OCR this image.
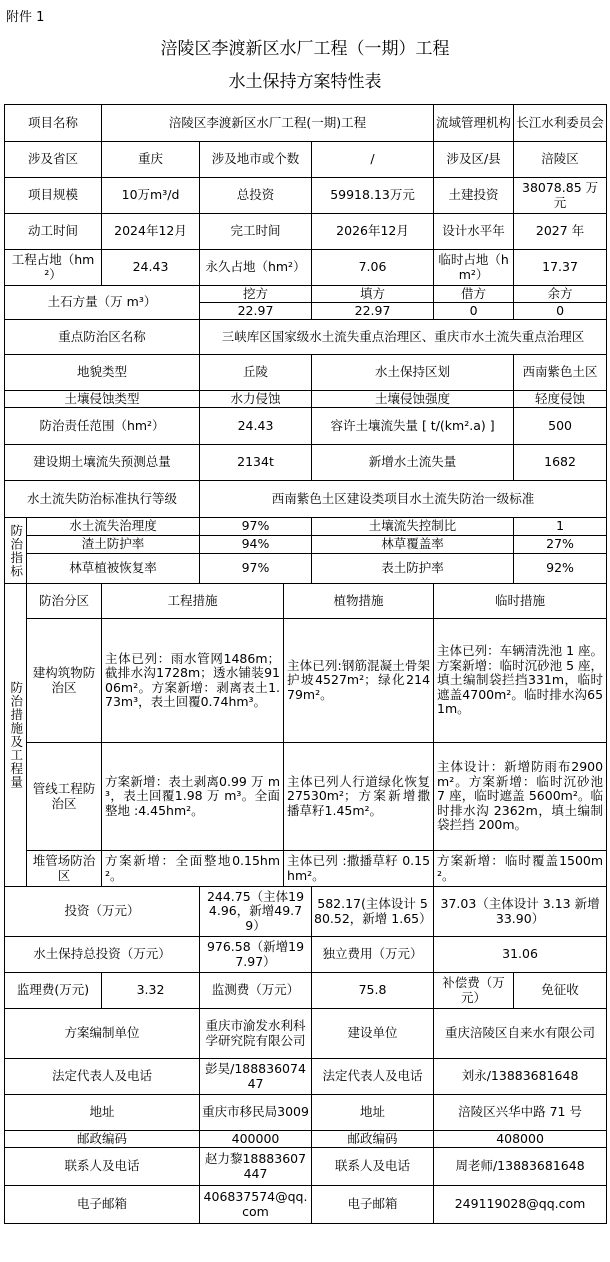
附件 1
涪陵区李渡新区水厂工程（一期）工程
水土保持方案特性表
项目名称		涪陵区李渡新区水厂工程(一期)工程				流域管理机构	长江水利委员会
涉及省区		重庆	涉及地市或个数		/	涉及区/县	涪陵区
项目规模		10万m³/d	总投资		59918.13万元	土建投资	38078.85 万元
动工时间		2024年12月	完工时间		2026年12月	设计水平年	2027 年
工程占地（hm²）		24.43	永久占地（hm²）		7.06	临时占地（hm²）	17.37
土石方量（万 m³）			挖方		填方	借方	余方
			22.97		22.97	0	0
重点防治区名称			三峡库区国家级水土流失重点治理区、重庆市水土流失重点治理区				
地貌类型			丘陵		水土保持区划		西南紫色土区
土壤侵蚀类型			水力侵蚀		土壤侵蚀强度		轻度侵蚀
防治责任范围（hm²）			24.43		容许土壤流失量 [ t/(km².a) ]		500
建设期土壤流失预测总量			2134t		新增水土流失量		1682
水土流失防治标准执行等级			西南紫色土区建设类项目水土流失防治一级标准				
防治指标	水土流失治理度		97%		土壤流失控制比		1
	渣土防护率		94%		林草覆盖率		27%
	林草植被恢复率		97%		表土防护率		92%
防治措施及工程量	防治分区	工程措施		植物措施		临时措施	
	建构筑物防治区	主体已列：雨水管网1486m；截排水沟1728m；透水铺装9106m²。方案新增：剥离表土1.73m³，表土回覆0.74hm³。		主体已列:钢筋混凝土骨架护坡4527m²；绿化21479m²。		主体已列：车辆清洗池 1 座。方案新增：临时沉砂池 5 座，填土编制袋拦挡331m，临时遮盖4700m²。临时排水沟651m。	
	管线工程防治区	方案新增：表土剥离0.99 万 m³，表土回覆1.98 万 m³。全面整地 :4.45hm²。		主体已列人行道绿化恢复27530m²；方案新增撒播草籽1.45m²。		主体设计：新增防雨布2900m²。方案新增：临时沉砂池 7 座，临时遮盖 5600m²。临时排水沟 2362m，填土编制袋拦挡 200m。	
	堆管场防治区	方案新增：全面整地0.15hm²。		主体已列 :撒播草籽 0.15hm²。		方案新增：临时覆盖1500m²。	
投资（万元）			244.75（主体194.96，新增49.79）		582.17(主体设计 580.52，新增 1.65）	37.03（主体设计 3.13 新增 33.90）	
水土保持总投资（万元）			976.58（新增197.97）		独立费用（万元）	31.06	
监理费(万元)		3.32	监测费（万元）		75.8	补偿费（万元）	免征收
方案编制单位			重庆市渝发水利科学研究院有限公司		建设单位	重庆涪陵区自来水有限公司	
法定代表人及电话			彭昊/18883607447		法定代表人及电话	刘永/13883681648	
地址			重庆市移民局3009		地址	涪陵区兴华中路 71 号	
邮政编码			400000		邮政编码	408000	
联系人及电话			赵力黎18883607447		联系人及电话	周老师/13883681648	
电子邮箱			406837574@qq.com		电子邮箱	249119028@qq.com	
